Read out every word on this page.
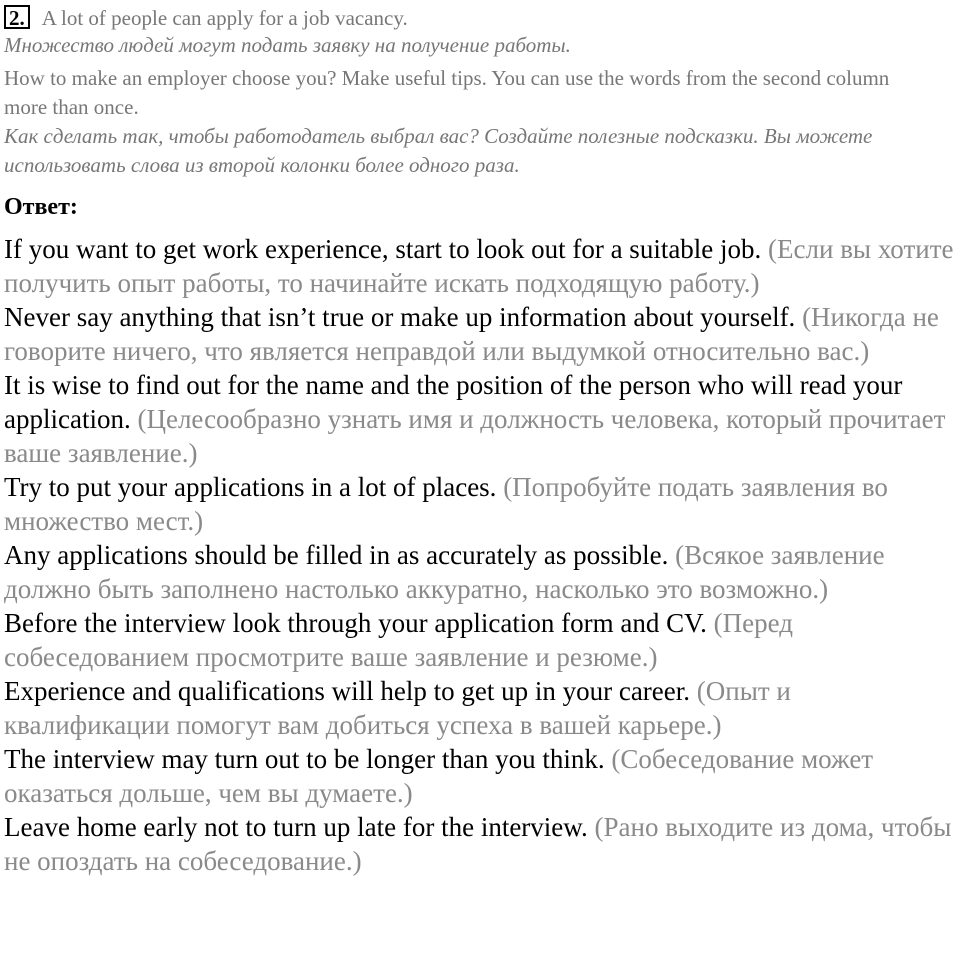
2. A lot of people can apply for a job vacancy.
Множество людей могут подать заявку на получение работы.
How to make an employer choose you? Make useful tips. You can use the words from the second column more than once.
Как сделать так, чтобы работодатель выбрал вас? Создайте полезные подсказки. Вы можете использовать слова из второй колонки более одного раза.
Ответ:
If you want to get work experience, start to look out for a suitable job. (Если вы хотите получить опыт работы, то начинайте искать подходящую работу.)
Never say anything that isn’t true or make up information about yourself. (Никогда не говорите ничего, что является неправдой или выдумкой относительно вас.)
It is wise to find out for the name and the position of the person who will read your application. (Целесообразно узнать имя и должность человека, который прочитает ваше заявление.)
Try to put your applications in a lot of places. (Попробуйте подать заявления во множество мест.)
Any applications should be filled in as accurately as possible. (Всякое заявление должно быть заполнено настолько аккуратно, насколько это возможно.)
Before the interview look through your application form and CV. (Перед собеседованием просмотрите ваше заявление и резюме.)
Experience and qualifications will help to get up in your career. (Опыт и квалификации помогут вам добиться успеха в вашей карьере.)
The interview may turn out to be longer than you think. (Собеседование может оказаться дольше, чем вы думаете.)
Leave home early not to turn up late for the interview. (Рано выходите из дома, чтобы не опоздать на собеседование.)
